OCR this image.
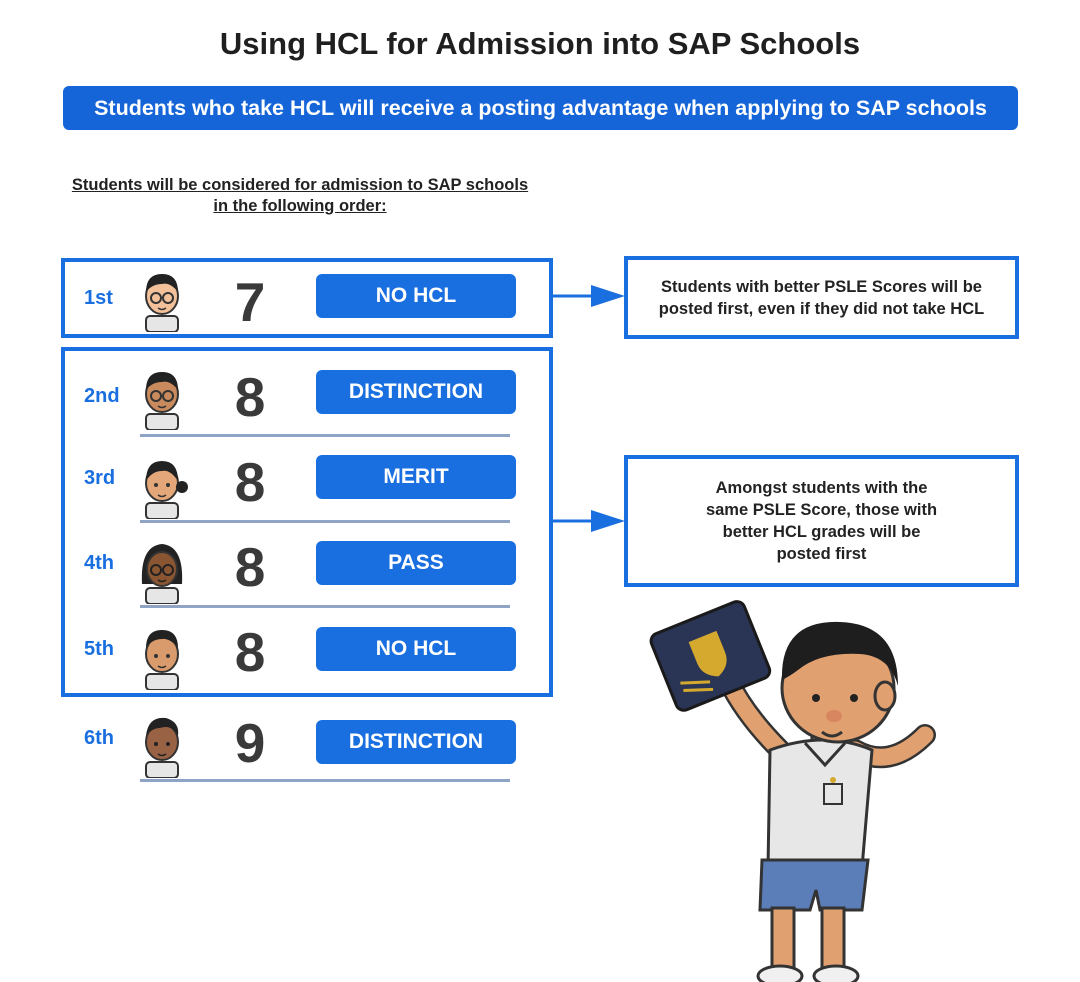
Using HCL for Admission into SAP Schools
Students who take HCL will receive a posting advantage when applying to SAP schools
Students will be considered for admission to SAP schools in the following order:
1st 7	NO HCL
2nd 8	DISTINCTION
3rd 8	MERIT
4th 8	PASS
5th 8	NO HCL
6th 9	DISTINCTION
Students with better PSLE Scores will be posted first, even if they did not take HCL
Amongst students with the same PSLE Score, those with better HCL grades will be posted first
